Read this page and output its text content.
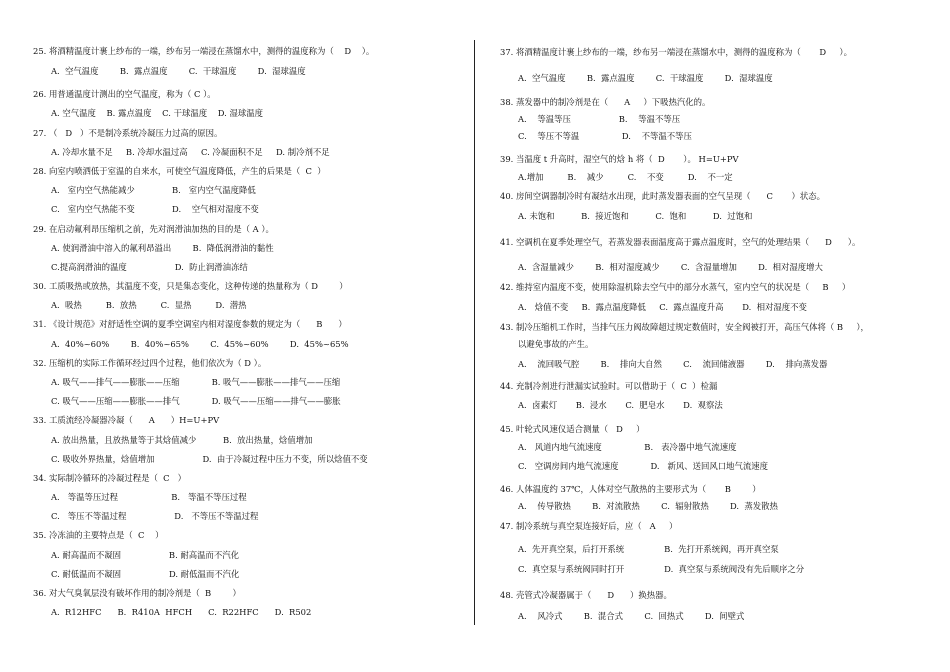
25. 将酒精温度计裹上纱布的一端，纱布另一端浸在蒸馏水中，测得的温度称为（    D    ）。
A.  空气温度        B.  露点温度        C.  干球温度        D.  湿球温度
26. 用普通温度计测出的空气温度，称为（ C ）。
A. 空气温度    B. 露点温度    C. 干球温度    D. 湿球温度
27. （   D   ）不是制冷系统冷凝压力过高的原因。
A. 冷却水量不足     B. 冷却水温过高     C. 冷凝面积不足     D. 制冷剂不足
28. 向室内喷洒低于室温的自来水，可使空气温度降低，产生的后果是（  C  ）
A.   室内空气热能减少              B.   室内空气温度降低
C.   室内空气热能不变              D.    空气相对湿度不变
29. 在启动氟利昂压缩机之前，先对润滑油加热的目的是（ A ）。
A. 使润滑油中溶入的氟利昂溢出        B.  降低润滑油的黏性
C.提高润滑油的温度                  D.  防止润滑油冻结
30. 工质吸热或放热，其温度不变，只是集态变化，这种传递的热量称为（ D        ）
A.  吸热         B.  放热         C.  显热         D.  潜热
31. 《设计规范》对舒适性空调的夏季空调室内相对湿度参数的规定为（      B      ）
A.  40%~60%        B.  40%~65%        C.  45%~60%        D.  45%~65%
32. 压缩机的实际工作循环经过四个过程，他们依次为（ D ）。
A. 吸气——排气——膨胀——压缩            B. 吸气——膨胀——排气——压缩
C. 吸气——压缩——膨胀——排气            D. 吸气——压缩——排气——膨胀
33. 工质流经冷凝器冷凝（      A      ）H=U+PV
A. 放出热量，且放热量等于其焓值减少          B.  放出热量，焓值增加
C. 吸收外界热量，焓值增加                  D.  由于冷凝过程中压力不变，所以焓值不变
34. 实际制冷循环的冷凝过程是（  C   ）
A.   等温等压过程                    B.   等温不等压过程
C.   等压不等温过程                  D.   不等压不等温过程
35. 冷冻油的主要特点是（  C    ）
A. 耐高温而不凝固                  B. 耐高温而不汽化
C. 耐低温而不凝固                  D. 耐低温而不汽化
36. 对大气臭氧层没有破坏作用的制冷剂是（  B        ）
A.  R12HFC      B.  R410A  HFCH      C.  R22HFC      D.  R502
37. 将酒精温度计裹上纱布的一端，纱布另一端浸在蒸馏水中，测得的温度称为（       D     ）。
A.  空气温度        B.  露点温度        C.  干球温度        D.  湿球温度
38. 蒸发器中的制冷剂是在（      A     ）下吸热汽化的。
A.    等温等压                  B.    等温不等压
C.    等压不等温                D.    不等温不等压
39. 当温度 t 升高时，湿空气的焓 h 将（  D       ）。 H=U+PV
A.增加         B.    减少         C.    不变         D.    不一定
40. 房间空调器制冷时有凝结水出现，此时蒸发器表面的空气呈现（      C       ）状态。
A. 未饱和          B.  接近饱和          C.  饱和          D.  过饱和
41. 空调机在夏季处理空气，若蒸发器表面温度高于露点温度时，空气的处理结果（      D      ）。
A.  含湿量减少        B.  相对湿度减少        C.  含湿量增加        D.  相对湿度增大
42. 维持室内温度不变，使用除湿机除去空气中的部分水蒸气，室内空气的状况是（     B     ）
A.   焓值不变     B.  露点温度降低     C.  露点温度升高       D.  相对湿度不变
43. 制冷压缩机工作时，当排气压力阀故障超过规定数值时，安全阀被打开，高压气体将（ B     ），
以避免事故的产生。
A.    流回吸气腔        B.    排向大自然        C.    流回储液器        D.    排向蒸发器
44. 充制冷剂进行泄漏实试验时。可以借助于（  C  ）检漏
A.  卤素灯       B.  浸水       C.  肥皂水       D.  观察法
45. 叶轮式风速仪适合测量（   D     ）
A.   风道内地气流速度                B.   表冷器中地气流速度
C.   空调房间内地气流速度            D.   新风、送回风口地气流速度
46. 人体温度约 37℃，人体对空气散热的主要形式为（       B        ）
A.    传导散热        B.  对流散热        C.  辐射散热        D.  蒸发散热
47. 制冷系统与真空泵连接好后，应（   A     ）
A.  先开真空泵，后打开系统               B.  先打开系统阀，再开真空泵
C.  真空泵与系统阀同时打开               D.  真空泵与系统阀没有先后顺序之分
48. 壳管式冷凝器属于（      D      ）换热器。
A.    风冷式        B.  混合式        C.  回热式        D.  间壁式
